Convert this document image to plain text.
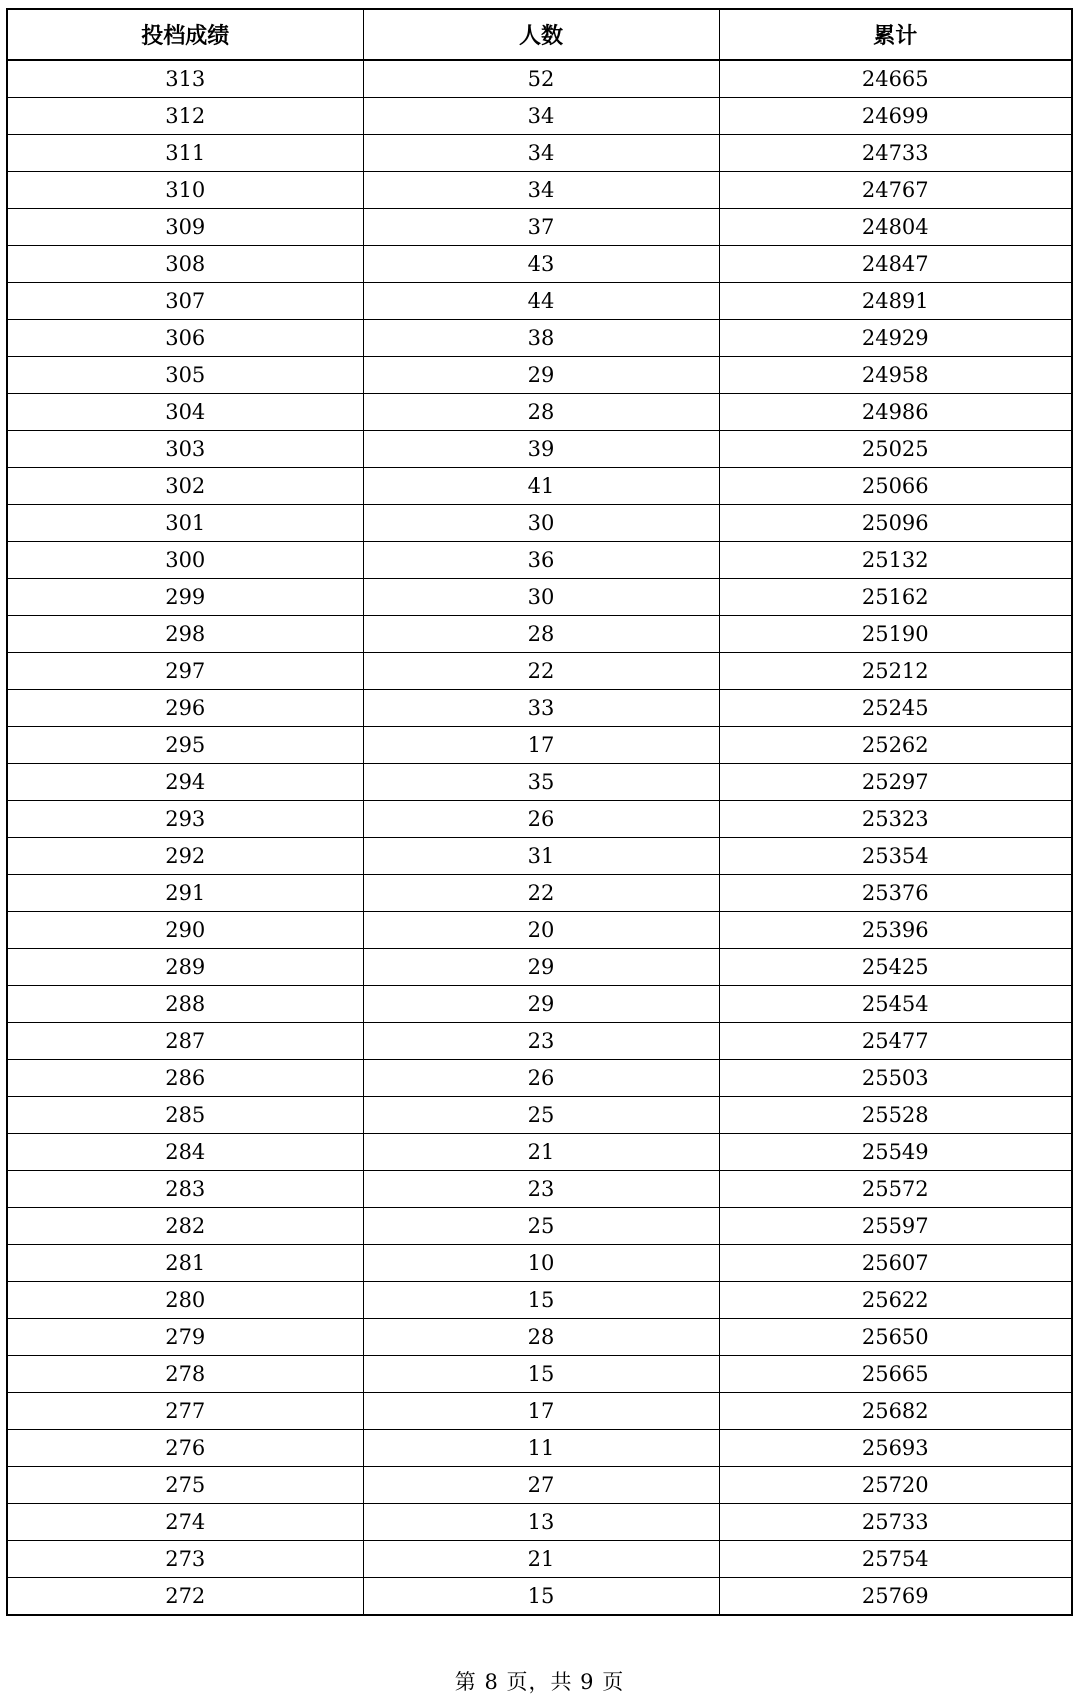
投档成绩	人数	累计
313	52	24665
312	34	24699
311	34	24733
310	34	24767
309	37	24804
308	43	24847
307	44	24891
306	38	24929
305	29	24958
304	28	24986
303	39	25025
302	41	25066
301	30	25096
300	36	25132
299	30	25162
298	28	25190
297	22	25212
296	33	25245
295	17	25262
294	35	25297
293	26	25323
292	31	25354
291	22	25376
290	20	25396
289	29	25425
288	29	25454
287	23	25477
286	26	25503
285	25	25528
284	21	25549
283	23	25572
282	25	25597
281	10	25607
280	15	25622
279	28	25650
278	15	25665
277	17	25682
276	11	25693
275	27	25720
274	13	25733
273	21	25754
272	15	25769
第 8 页，共 9 页
